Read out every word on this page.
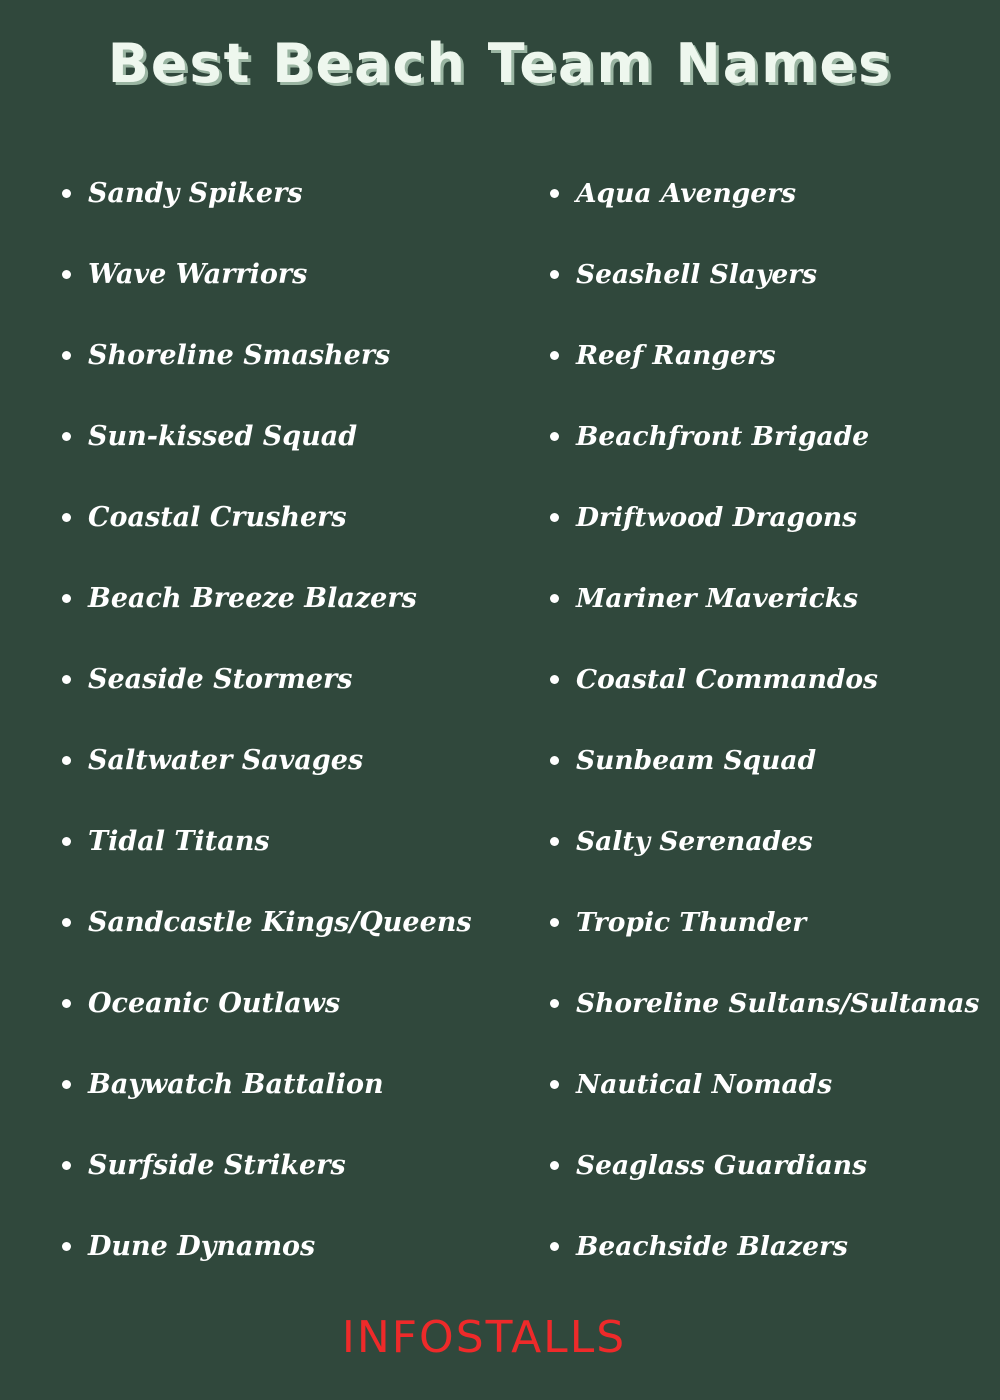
Best Beach Team Names
Sandy Spikers
Wave Warriors
Shoreline Smashers
Sun-kissed Squad
Coastal Crushers
Beach Breeze Blazers
Seaside Stormers
Saltwater Savages
Tidal Titans
Sandcastle Kings/Queens
Oceanic Outlaws
Baywatch Battalion
Surfside Strikers
Dune Dynamos
Aqua Avengers
Seashell Slayers
Reef Rangers
Beachfront Brigade
Driftwood Dragons
Mariner Mavericks
Coastal Commandos
Sunbeam Squad
Salty Serenades
Tropic Thunder
Shoreline Sultans/Sultanas
Nautical Nomads
Seaglass Guardians
Beachside Blazers
INFOSTALLS
